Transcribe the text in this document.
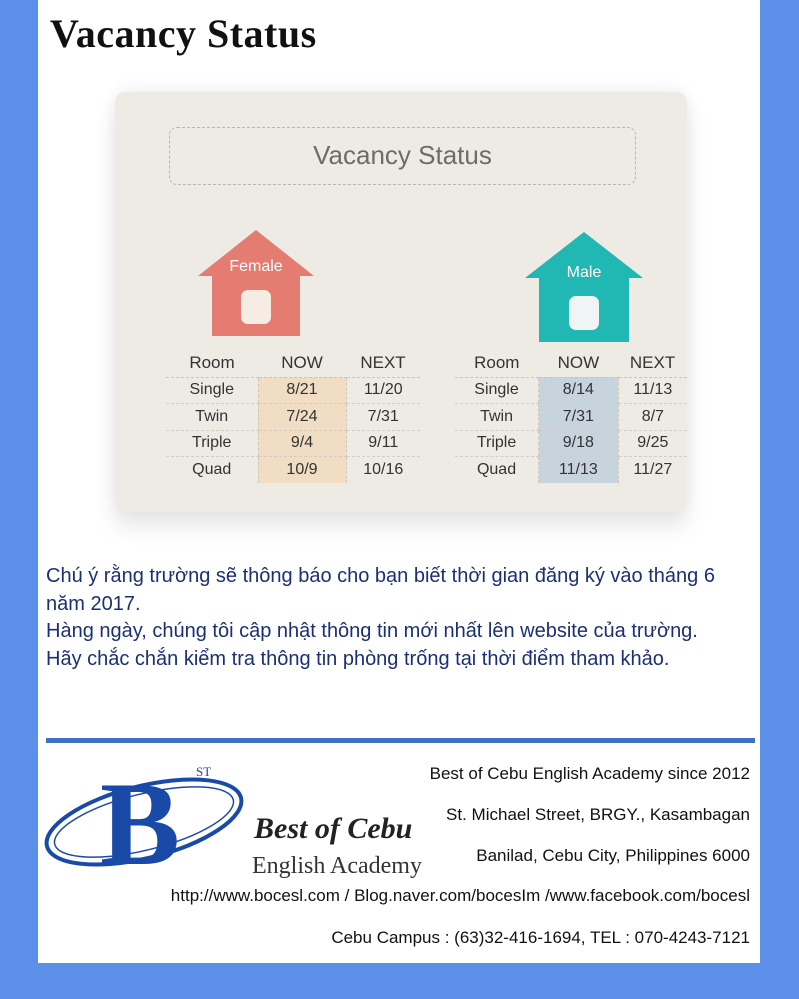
Vacancy Status
Vacancy Status
Female	Male
Room	NOW	NEXT
Single	8/21	11/20
Twin	7/24	7/31
Triple	9/4	9/11
Quad	10/9	10/16
Room	NOW	NEXT
Single	8/14	11/13
Twin	7/31	8/7
Triple	9/18	9/25
Quad	11/13	11/27

Chú ý rằng trường sẽ thông báo cho bạn biết thời gian đăng ký vào tháng 6 năm 2017.

Hàng ngày, chúng tôi cập nhật thông tin mới nhất lên website của trường.

Hãy chắc chắn kiểm tra thông tin phòng trống tại thời điểm tham khảo.

B ST
Best of Cebu
English Academy
Best of Cebu English Academy since 2012
St. Michael Street, BRGY., Kasambagan
Banilad, Cebu City, Philippines 6000
http://www.bocesl.com / Blog.naver.com/bocesIm /www.facebook.com/bocesl
Cebu Campus : (63)32-416-1694, TEL : 070-4243-7121
